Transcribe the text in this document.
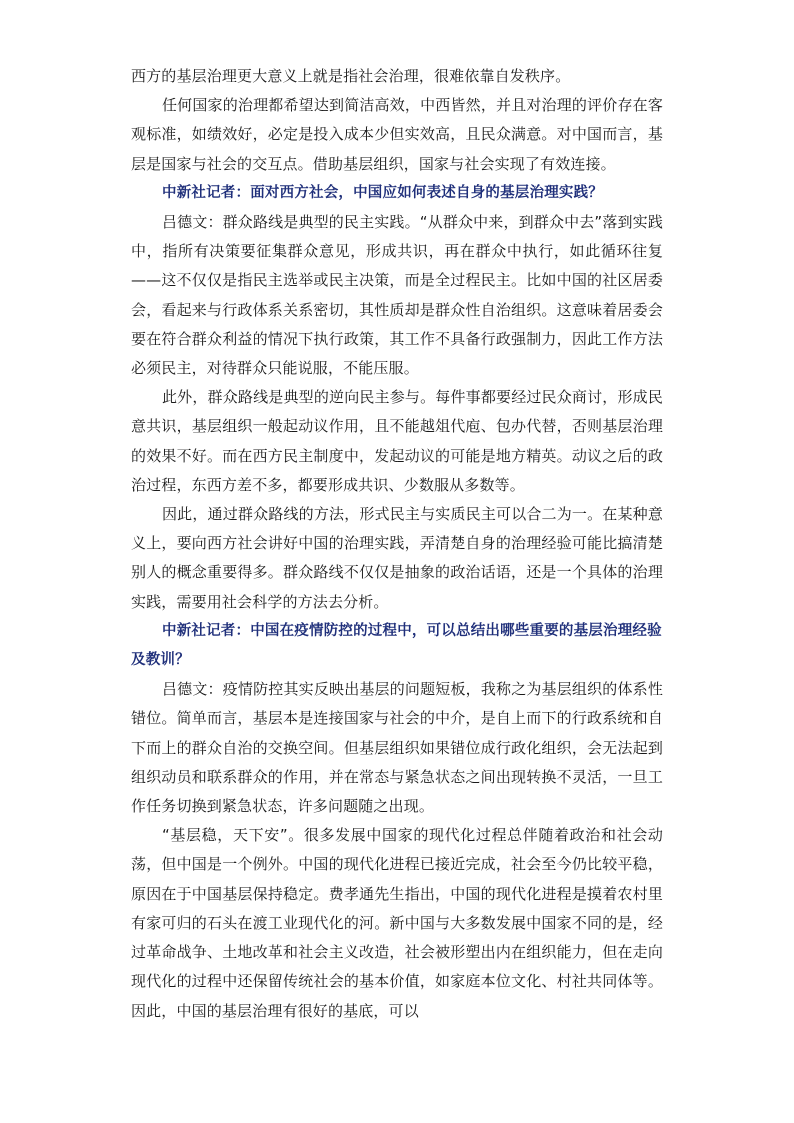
西方的基层治理更大意义上就是指社会治理，很难依靠自发秩序。

任何国家的治理都希望达到简洁高效，中西皆然，并且对治理的评价存在客观标准，如绩效好，必定是投入成本少但实效高，且民众满意。对中国而言，基层是国家与社会的交互点。借助基层组织，国家与社会实现了有效连接。

中新社记者：面对西方社会，中国应如何表述自身的基层治理实践？

吕德文：群众路线是典型的民主实践。“从群众中来，到群众中去”落到实践中，指所有决策要征集群众意见，形成共识，再在群众中执行，如此循环往复——这不仅仅是指民主选举或民主决策，而是全过程民主。比如中国的社区居委会，看起来与行政体系关系密切，其性质却是群众性自治组织。这意味着居委会要在符合群众利益的情况下执行政策，其工作不具备行政强制力，因此工作方法必须民主，对待群众只能说服，不能压服。

此外，群众路线是典型的逆向民主参与。每件事都要经过民众商讨，形成民意共识，基层组织一般起动议作用，且不能越俎代庖、包办代替，否则基层治理的效果不好。而在西方民主制度中，发起动议的可能是地方精英。动议之后的政治过程，东西方差不多，都要形成共识、少数服从多数等。

因此，通过群众路线的方法，形式民主与实质民主可以合二为一。在某种意义上，要向西方社会讲好中国的治理实践，弄清楚自身的治理经验可能比搞清楚别人的概念重要得多。群众路线不仅仅是抽象的政治话语，还是一个具体的治理实践，需要用社会科学的方法去分析。

中新社记者：中国在疫情防控的过程中，可以总结出哪些重要的基层治理经验及教训？

吕德文：疫情防控其实反映出基层的问题短板，我称之为基层组织的体系性错位。简单而言，基层本是连接国家与社会的中介，是自上而下的行政系统和自下而上的群众自治的交换空间。但基层组织如果错位成行政化组织，会无法起到组织动员和联系群众的作用，并在常态与紧急状态之间出现转换不灵活，一旦工作任务切换到紧急状态，许多问题随之出现。

“基层稳，天下安”。很多发展中国家的现代化过程总伴随着政治和社会动荡，但中国是一个例外。中国的现代化进程已接近完成，社会至今仍比较平稳，原因在于中国基层保持稳定。费孝通先生指出，中国的现代化进程是摸着农村里有家可归的石头在渡工业现代化的河。新中国与大多数发展中国家不同的是，经过革命战争、土地改革和社会主义改造，社会被形塑出内在组织能力，但在走向现代化的过程中还保留传统社会的基本价值，如家庭本位文化、村社共同体等。因此，中国的基层治理有很好的基底，可以
